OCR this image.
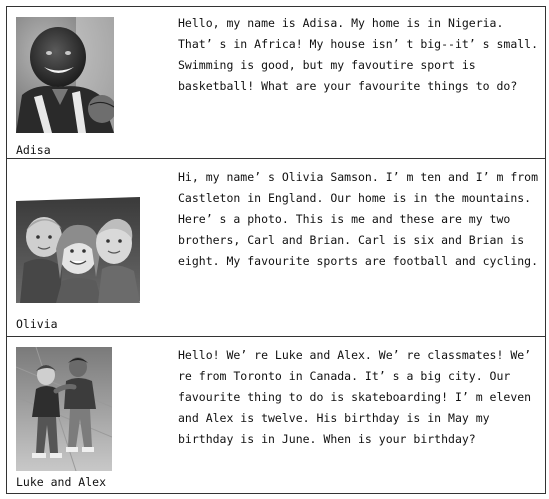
Adisa
Hello, my name is Adisa. My home is in Nigeria. That’ s in Africa! My house isn’ t big--it’ s small. Swimming is good, but my favoutire sport is basketball! What are your favourite things to do?
Olivia
Hi, my name’ s Olivia Samson. I’ m ten and I’ m from Castleton in England. Our home is in the mountains. Here’ s a photo. This is me and these are my two brothers, Carl and Brian. Carl is six and Brian is eight. My favourite sports are football and cycling.
Luke and Alex
Hello! We’ re Luke and Alex. We’ re classmates! We’ re from Toronto in Canada. It’ s a big city. Our favourite thing to do is skateboarding! I’ m eleven and Alex is twelve. His birthday is in May my birthday is in June. When is your birthday?
